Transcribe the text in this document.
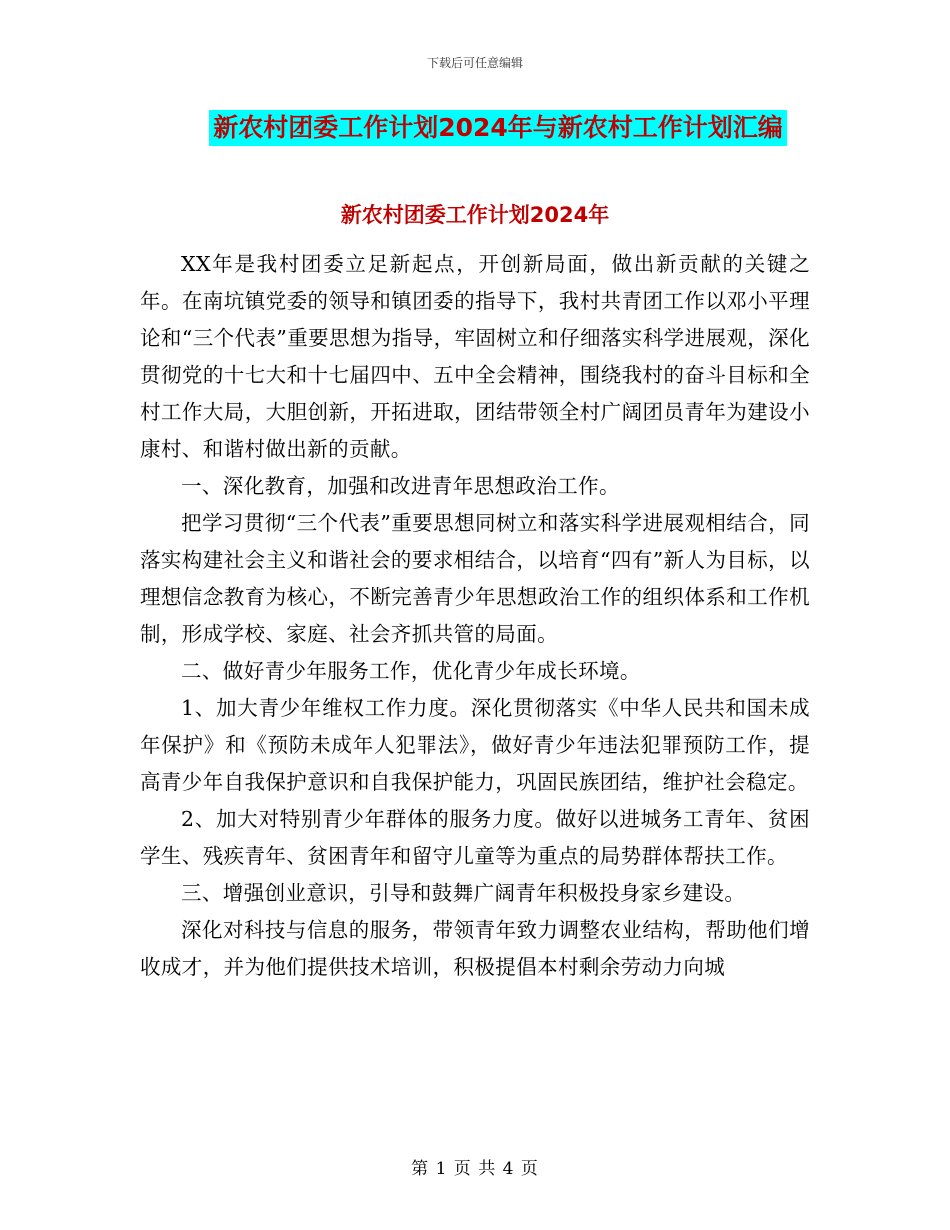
下载后可任意编辑
新农村团委工作计划2024年与新农村工作计划汇编
新农村团委工作计划2024年

XX年是我村团委立足新起点，开创新局面，做出新贡献的关键之年。在南坑镇党委的领导和镇团委的指导下，我村共青团工作以邓小平理论和“三个代表”重要思想为指导，牢固树立和仔细落实科学进展观，深化贯彻党的十七大和十七届四中、五中全会精神，围绕我村的奋斗目标和全村工作大局，大胆创新，开拓进取，团结带领全村广阔团员青年为建设小康村、和谐村做出新的贡献。

一、深化教育，加强和改进青年思想政治工作。

把学习贯彻“三个代表”重要思想同树立和落实科学进展观相结合，同落实构建社会主义和谐社会的要求相结合，以培育“四有”新人为目标，以理想信念教育为核心，不断完善青少年思想政治工作的组织体系和工作机制，形成学校、家庭、社会齐抓共管的局面。

二、做好青少年服务工作，优化青少年成长环境。

1、加大青少年维权工作力度。深化贯彻落实《中华人民共和国未成年保护》和《预防未成年人犯罪法》，做好青少年违法犯罪预防工作，提高青少年自我保护意识和自我保护能力，巩固民族团结，维护社会稳定。

2、加大对特别青少年群体的服务力度。做好以进城务工青年、贫困学生、残疾青年、贫困青年和留守儿童等为重点的局势群体帮扶工作。

三、增强创业意识，引导和鼓舞广阔青年积极投身家乡建设。

深化对科技与信息的服务，带领青年致力调整农业结构，帮助他们增收成才，并为他们提供技术培训，积极提倡本村剩余劳动力向城

第 1 页 共 4 页
